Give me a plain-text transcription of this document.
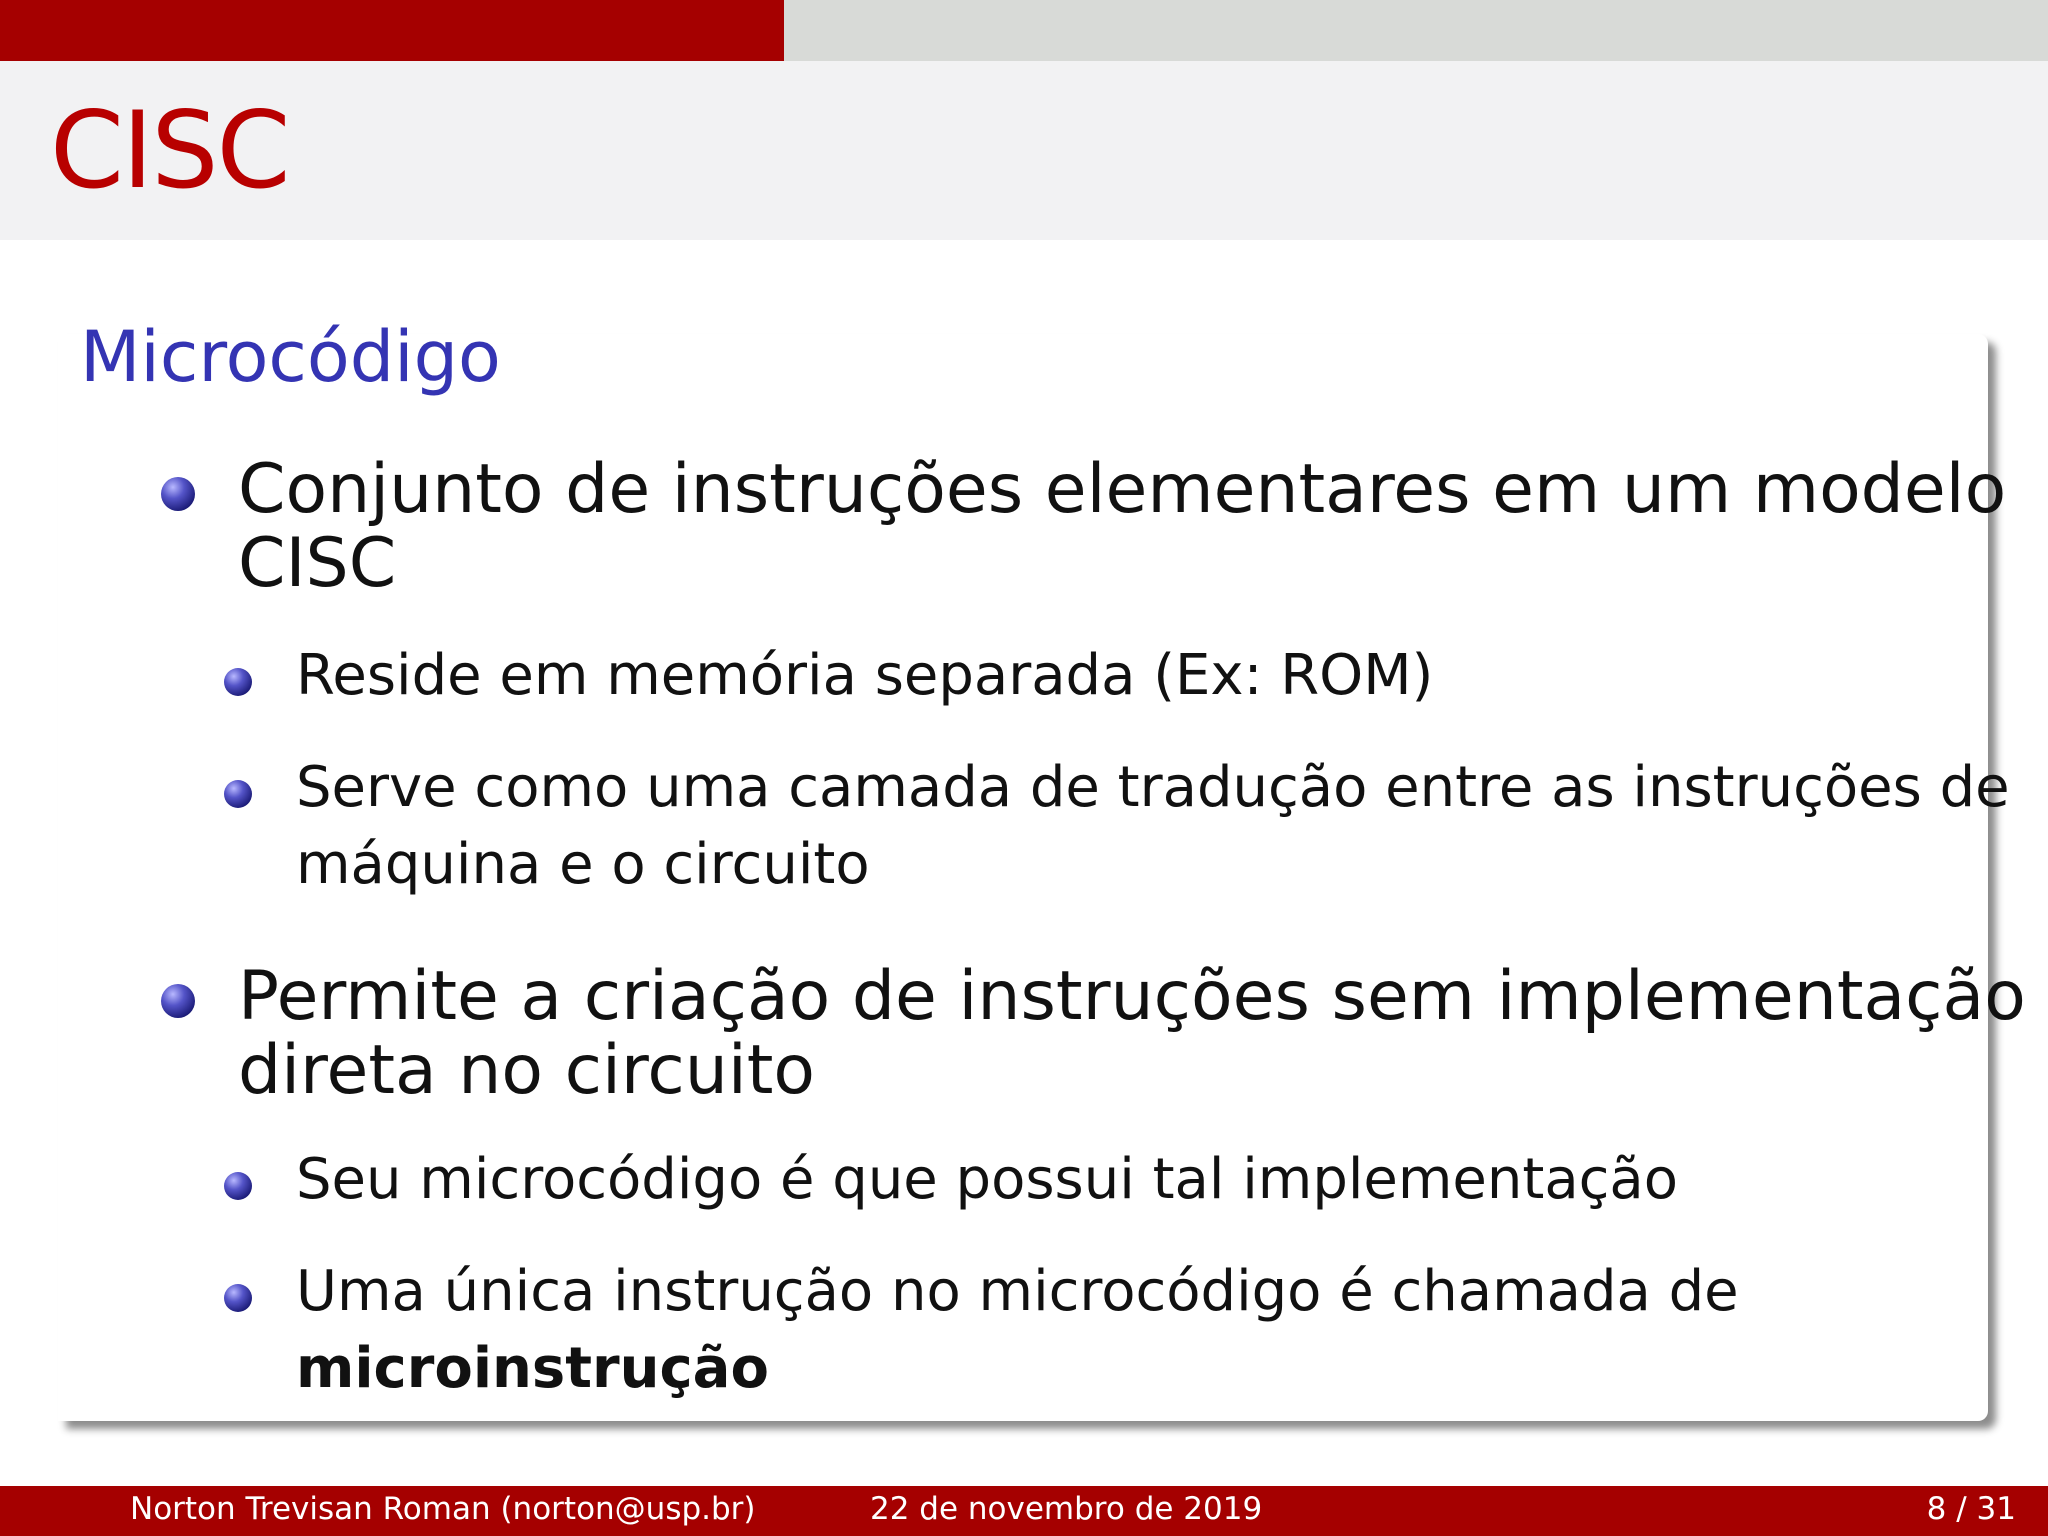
CISC
Microcódigo

Conjunto de instruções elementares em um modelo
CISC

Reside em memória separada (Ex: ROM)

Serve como uma camada de tradução entre as instruções de
máquina e o circuito

Permite a criação de instruções sem implementação
direta no circuito

Seu microcódigo é que possui tal implementação

Uma única instrução no microcódigo é chamada de
microinstrução

Norton Trevisan Roman (norton@usp.br)	22 de novembro de 2019	8 / 31
